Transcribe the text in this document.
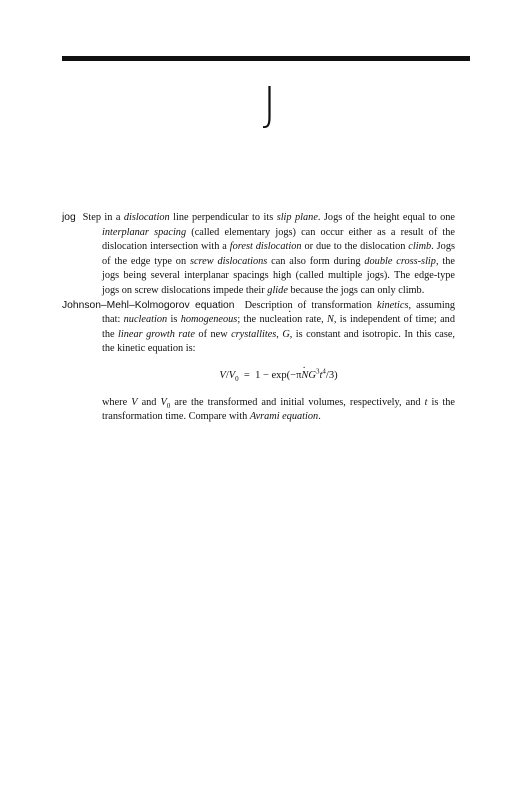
J

jog Step in a dislocation line perpendicular to its slip plane. Jogs of the height equal to one interplanar spacing (called elementary jogs) can occur either as a result of the dislocation intersection with a forest dislocation or due to the dislocation climb. Jogs of the edge type on screw dislocations can also form during double cross-slip, the jogs being several interplanar spacings high (called multiple jogs). The edge-type jogs on screw dislocations impede their glide because the jogs can only climb.

Johnson–Mehl–Kolmogorov equation Description of transformation kinetics, assuming that: nucleation is homogeneous; the nucleation rate, · N, is independent of time; and the linear growth rate of new crystallites, G, is constant and isotropic. In this case, the kinetic equation is:

$V/V_0 = 1 - \exp(-\pi\cdot NG^3t^4/3)$

where V and $V_0$ are the transformed and initial volumes, respectively, and t is the transformation time. Compare with Avrami equation.
